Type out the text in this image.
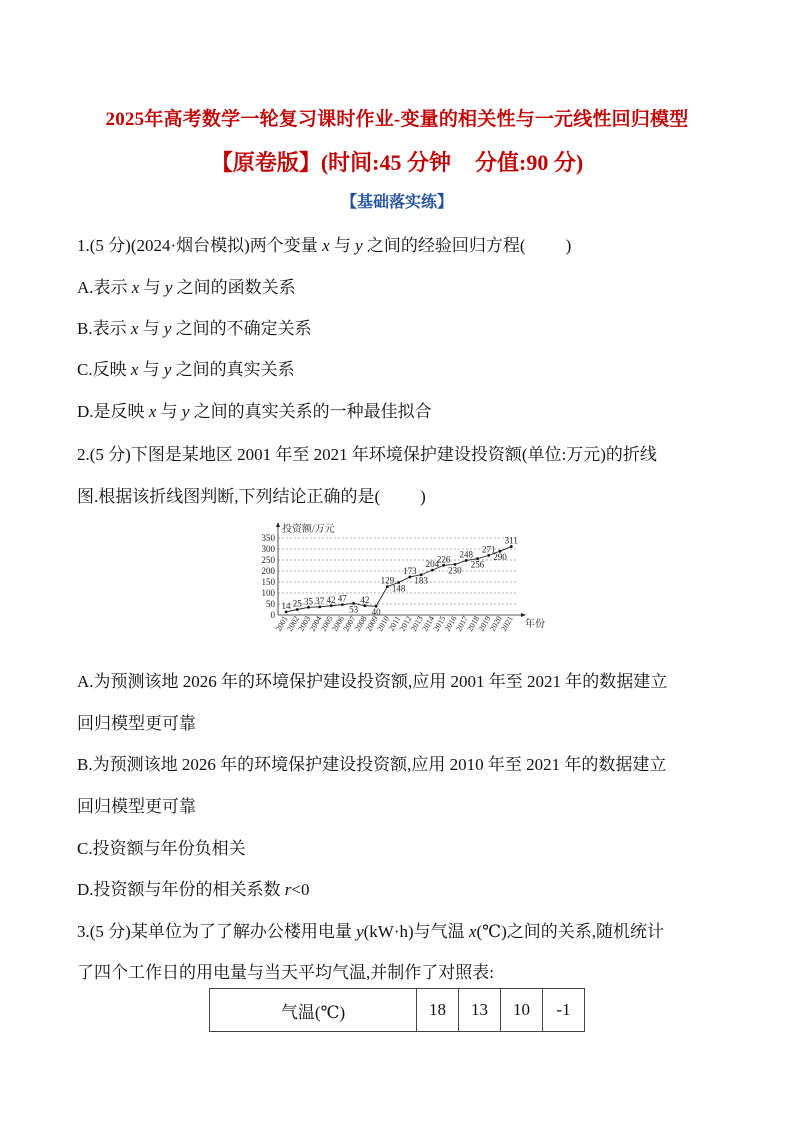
2025年高考数学一轮复习课时作业-变量的相关性与一元线性回归模型
【原卷版】(时间:45 分钟 分值:90 分)
【基础落实练】
1.(5 分)(2024·烟台模拟)两个变量 x 与 y 之间的经验回归方程( )
A.表示 x 与 y 之间的函数关系
B.表示 x 与 y 之间的不确定关系
C.反映 x 与 y 之间的真实关系
D.是反映 x 与 y 之间的真实关系的一种最佳拟合
2.(5 分)下图是某地区 2001 年至 2021 年环境保护建设投资额(单位:万元)的折线
图.根据该折线图判断,下列结论正确的是( )
0
50
100
150
200
250
300
350
投资额/万元
年份
14
2001
25
2002
35
2003
37
2004
42
2005
47
2006
53
2007
42
2008
40
2009
129
2010
148
2011
173
2012
183
2013
204
2014
226
2015
230
2016
248
2017
256
2018
271
2019
290
2020
311
2021
A.为预测该地 2026 年的环境保护建设投资额,应用 2001 年至 2021 年的数据建立
回归模型更可靠
B.为预测该地 2026 年的环境保护建设投资额,应用 2010 年至 2021 年的数据建立
回归模型更可靠
C.投资额与年份负相关
D.投资额与年份的相关系数 r<0
3.(5 分)某单位为了了解办公楼用电量 y(kW·h)与气温 x(℃)之间的关系,随机统计
了四个工作日的用电量与当天平均气温,并制作了对照表:
气温(℃)	18	13	10	-1
